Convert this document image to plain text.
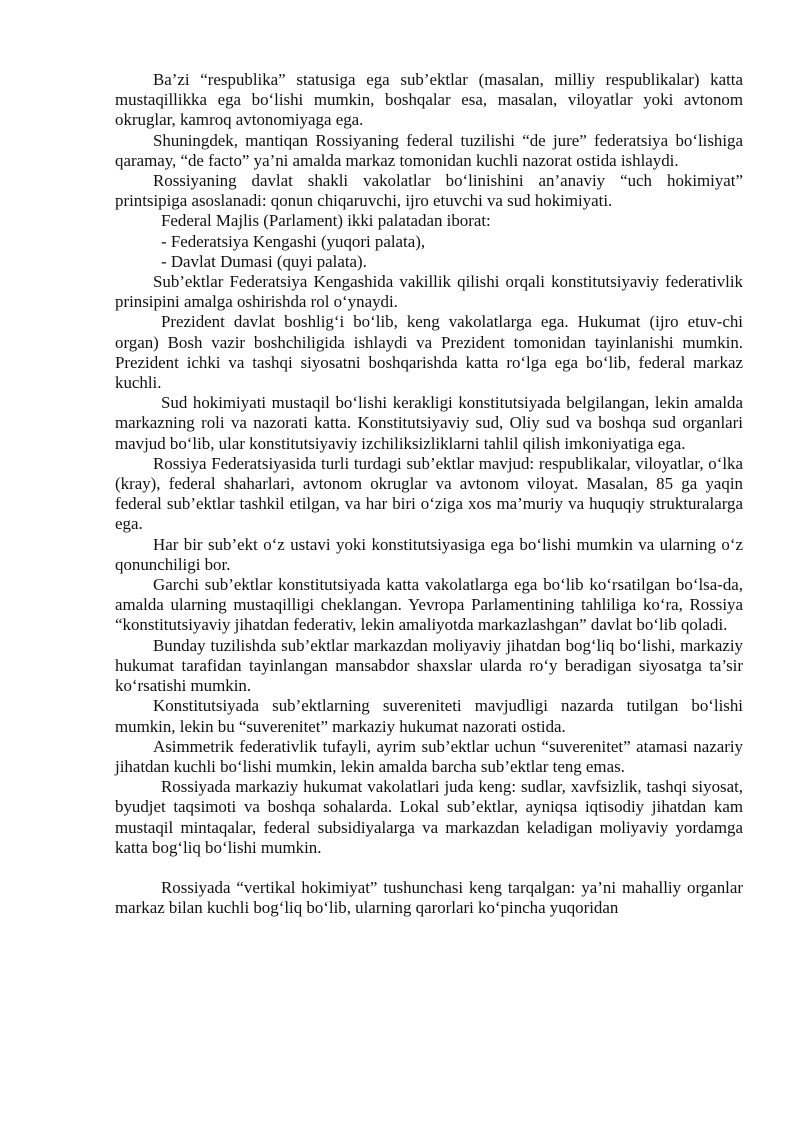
Ba’zi “respublika” statusiga ega sub’ektlar (masalan, milliy respublikalar) katta mustaqillikka ega bo‘lishi mumkin, boshqalar esa, masalan, viloyatlar yoki avtonom okruglar, kamroq avtonomiyaga ega.

Shuningdek, mantiqan Rossiyaning federal tuzilishi “de jure” federatsiya bo‘lishiga qaramay, “de facto” ya’ni amalda markaz tomonidan kuchli nazorat ostida ishlaydi.

Rossiyaning davlat shakli vakolatlar bo‘linishini an’anaviy “uch hokimiyat” printsipiga asoslanadi: qonun chiqaruvchi, ijro etuvchi va sud hokimiyati.

Federal Majlis (Parlament) ikki palatadan iborat:

- Federatsiya Kengashi (yuqori palata),

- Davlat Dumasi (quyi palata).

Sub’ektlar Federatsiya Kengashida vakillik qilishi orqali konstitutsiyaviy federativlik prinsipini amalga oshirishda rol o‘ynaydi.

Prezident davlat boshlig‘i bo‘lib, keng vakolatlarga ega. Hukumat (ijro etuv-chi organ) Bosh vazir boshchiligida ishlaydi va Prezident tomonidan tayinlanishi mumkin. Prezident ichki va tashqi siyosatni boshqarishda katta ro‘lga ega bo‘lib, federal markaz kuchli.

Sud hokimiyati mustaqil bo‘lishi kerakligi konstitutsiyada belgilangan, lekin amalda markazning roli va nazorati katta. Konstitutsiyaviy sud, Oliy sud va boshqa sud organlari mavjud bo‘lib, ular konstitutsiyaviy izchiliksizliklarni tahlil qilish imkoniyatiga ega.

Rossiya Federatsiyasida turli turdagi sub’ektlar mavjud: respublikalar, viloyatlar, o‘lka (kray), federal shaharlari, avtonom okruglar va avtonom viloyat. Masalan, 85 ga yaqin federal sub’ektlar tashkil etilgan, va har biri o‘ziga xos ma’muriy va huquqiy strukturalarga ega.

Har bir sub’ekt o‘z ustavi yoki konstitutsiyasiga ega bo‘lishi mumkin va ularning o‘z qonunchiligi bor.

Garchi sub’ektlar konstitutsiyada katta vakolatlarga ega bo‘lib ko‘rsatilgan bo‘lsa-da, amalda ularning mustaqilligi cheklangan. Yevropa Parlamentining tahliliga ko‘ra, Rossiya “konstitutsiyaviy jihatdan federativ, lekin amaliyotda markazlashgan” davlat bo‘lib qoladi.

Bunday tuzilishda sub’ektlar markazdan moliyaviy jihatdan bog‘liq bo‘lishi, markaziy hukumat tarafidan tayinlangan mansabdor shaxslar ularda ro‘y beradigan siyosatga ta’sir ko‘rsatishi mumkin.

Konstitutsiyada sub’ektlarning suvereniteti mavjudligi nazarda tutilgan bo‘lishi mumkin, lekin bu “suverenitet” markaziy hukumat nazorati ostida.

Asimmetrik federativlik tufayli, ayrim sub’ektlar uchun “suverenitet” atamasi nazariy jihatdan kuchli bo‘lishi mumkin, lekin amalda barcha sub’ektlar teng emas.

Rossiyada markaziy hukumat vakolatlari juda keng: sudlar, xavfsizlik, tashqi siyosat, byudjet taqsimoti va boshqa sohalarda. Lokal sub’ektlar, ayniqsa iqtisodiy jihatdan kam mustaqil mintaqalar, federal subsidiyalarga va markazdan keladigan moliyaviy yordamga katta bog‘liq bo‘lishi mumkin.

Rossiyada “vertikal hokimiyat” tushunchasi keng tarqalgan: ya’ni mahalliy organlar markaz bilan kuchli bog‘liq bo‘lib, ularning qarorlari ko‘pincha yuqoridan
